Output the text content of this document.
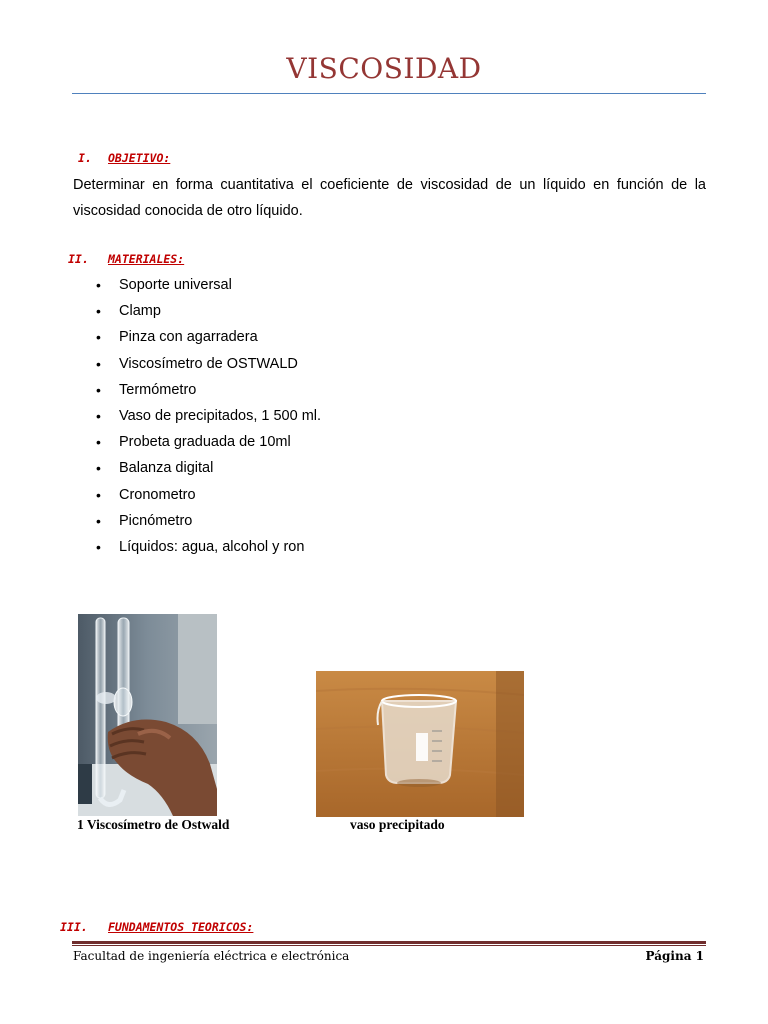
VISCOSIDAD
I. OBJETIVO:

Determinar en forma cuantitativa el coeficiente de viscosidad de un líquido en función de la viscosidad conocida de otro líquido.

II. MATERIALES:
•	Soporte universal
•	Clamp
•	Pinza con agarradera
•	Viscosímetro de OSTWALD
•	Termómetro
•	Vaso de precipitados, 1 500 ml.
•	Probeta graduada de 10ml
•	Balanza digital
•	Cronometro
•	Picnómetro
•	Líquidos: agua, alcohol y ron
1 Viscosímetro de Ostwald	vaso precipitado
III. FUNDAMENTOS TEORICOS:
Facultad de ingeniería eléctrica e electrónica	Página 1
